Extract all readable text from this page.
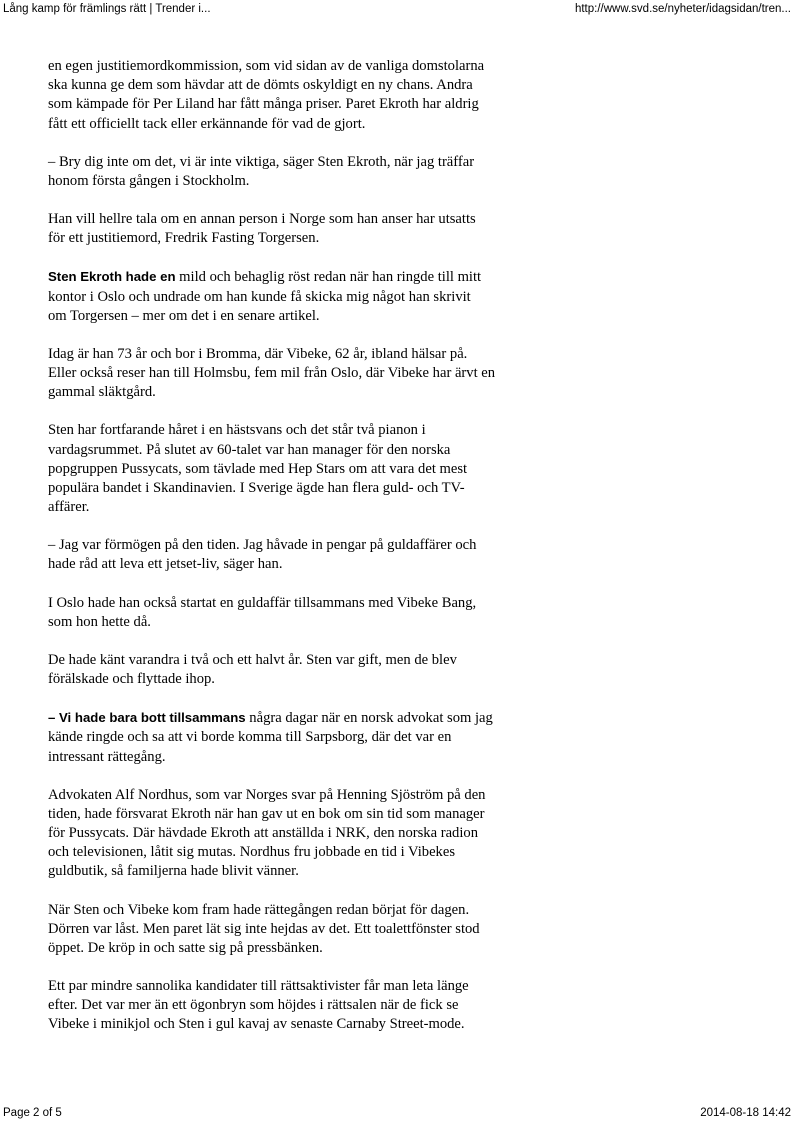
Lång kamp för främlings rätt | Trender i...	http://www.svd.se/nyheter/idagsidan/tren...

en egen justitiemordkommission, som vid sidan av de vanliga domstolarna
ska kunna ge dem som hävdar att de dömts oskyldigt en ny chans. Andra
som kämpade för Per Liland har fått många priser. Paret Ekroth har aldrig
fått ett officiellt tack eller erkännande för vad de gjort.

– Bry dig inte om det, vi är inte viktiga, säger Sten Ekroth, när jag träffar
honom första gången i Stockholm.

Han vill hellre tala om en annan person i Norge som han anser har utsatts
för ett justitiemord, Fredrik Fasting Torgersen.

Sten Ekroth hade en mild och behaglig röst redan när han ringde till mitt
kontor i Oslo och undrade om han kunde få skicka mig något han skrivit
om Torgersen – mer om det i en senare artikel.

Idag är han 73 år och bor i Bromma, där Vibeke, 62 år, ibland hälsar på.
Eller också reser han till Holmsbu, fem mil från Oslo, där Vibeke har ärvt en
gammal släktgård.

Sten har fortfarande håret i en hästsvans och det står två pianon i
vardagsrummet. På slutet av 60-talet var han manager för den norska
popgruppen Pussycats, som tävlade med Hep Stars om att vara det mest
populära bandet i Skandinavien. I Sverige ägde han flera guld- och TV-
affärer.

– Jag var förmögen på den tiden. Jag håvade in pengar på guldaffärer och
hade råd att leva ett jetset-liv, säger han.

I Oslo hade han också startat en guldaffär tillsammans med Vibeke Bang,
som hon hette då.

De hade känt varandra i två och ett halvt år. Sten var gift, men de blev
förälskade och flyttade ihop.

– Vi hade bara bott tillsammans några dagar när en norsk advokat som jag
kände ringde och sa att vi borde komma till Sarpsborg, där det var en
intressant rättegång.

Advokaten Alf Nordhus, som var Norges svar på Henning Sjöström på den
tiden, hade försvarat Ekroth när han gav ut en bok om sin tid som manager
för Pussycats. Där hävdade Ekroth att anställda i NRK, den norska radion
och televisionen, låtit sig mutas. Nordhus fru jobbade en tid i Vibekes
guldbutik, så familjerna hade blivit vänner.

När Sten och Vibeke kom fram hade rättegången redan börjat för dagen.
Dörren var låst. Men paret lät sig inte hejdas av det. Ett toalettfönster stod
öppet. De kröp in och satte sig på pressbänken.

Ett par mindre sannolika kandidater till rättsaktivister får man leta länge
efter. Det var mer än ett ögonbryn som höjdes i rättsalen när de fick se
Vibeke i minikjol och Sten i gul kavaj av senaste Carnaby Street-mode.

Page 2 of 5	2014-08-18 14:42
